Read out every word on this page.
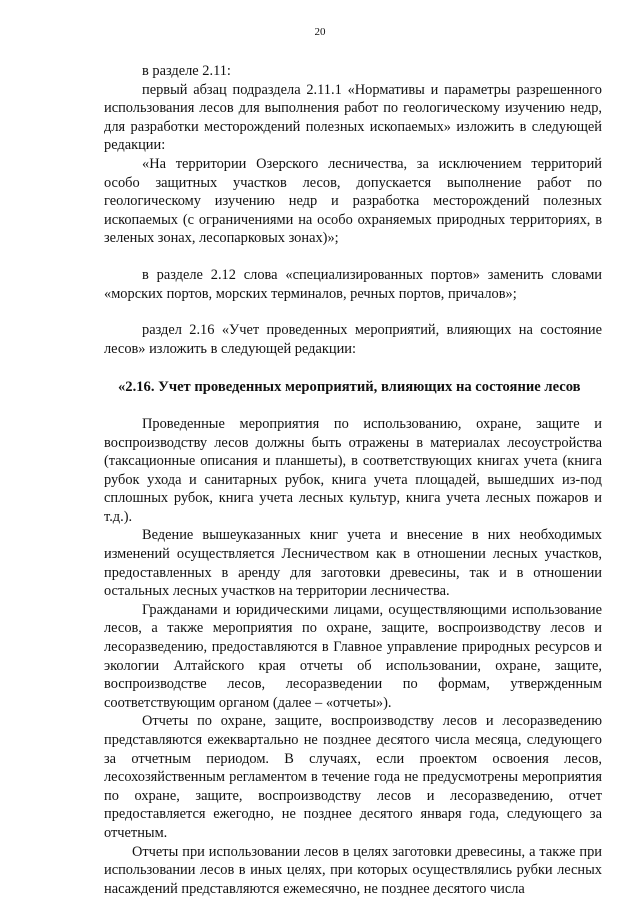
20

в разделе 2.11:

первый абзац подраздела 2.11.1 «Нормативы и параметры разрешенного использования лесов для выполнения работ по геологическому изучению недр, для разработки месторождений полезных ископаемых» изложить в следующей редакции:

«На территории Озерского лесничества, за исключением территорий особо защитных участков лесов, допускается выполнение работ по геологическому изучению недр и разработка месторождений полезных ископаемых (с ограничениями на особо охраняемых природных территориях, в зеленых зонах, лесопарковых зонах)»;

в разделе 2.12 слова «специализированных портов» заменить словами «морских портов, морских терминалов, речных портов, причалов»;

раздел 2.16 «Учет проведенных мероприятий, влияющих на состояние лесов» изложить в следующей редакции:

«2.16. Учет проведенных мероприятий, влияющих на состояние лесов

Проведенные мероприятия по использованию, охране, защите и воспроизводству лесов должны быть отражены в материалах лесоустройства (таксационные описания и планшеты), в соответствующих книгах учета (книга рубок ухода и санитарных рубок, книга учета площадей, вышедших из-под сплошных рубок, книга учета лесных культур, книга учета лесных пожаров и т.д.).

Ведение вышеуказанных книг учета и внесение в них необходимых изменений осуществляется Лесничеством как в отношении лесных участков, предоставленных в аренду для заготовки древесины, так и в отношении остальных лесных участков на территории лесничества.

Гражданами и юридическими лицами, осуществляющими использование лесов, а также мероприятия по охране, защите, воспроизводству лесов и лесоразведению, предоставляются в Главное управление природных ресурсов и экологии Алтайского края отчеты об использовании, охране, защите, воспроизводстве лесов, лесоразведении по формам, утвержденным соответствующим органом (далее – «отчеты»).

Отчеты по охране, защите, воспроизводству лесов и лесоразведению представляются ежеквартально не позднее десятого числа месяца, следующего за отчетным периодом. В случаях, если проектом освоения лесов, лесохозяйственным регламентом в течение года не предусмотрены мероприятия по охране, защите, воспроизводству лесов и лесоразведению, отчет предоставляется ежегодно, не позднее десятого января года, следующего за отчетным.

Отчеты при использовании лесов в целях заготовки древесины, а также при использовании лесов в иных целях, при которых осуществлялись рубки лесных насаждений представляются ежемесячно, не позднее десятого числа
